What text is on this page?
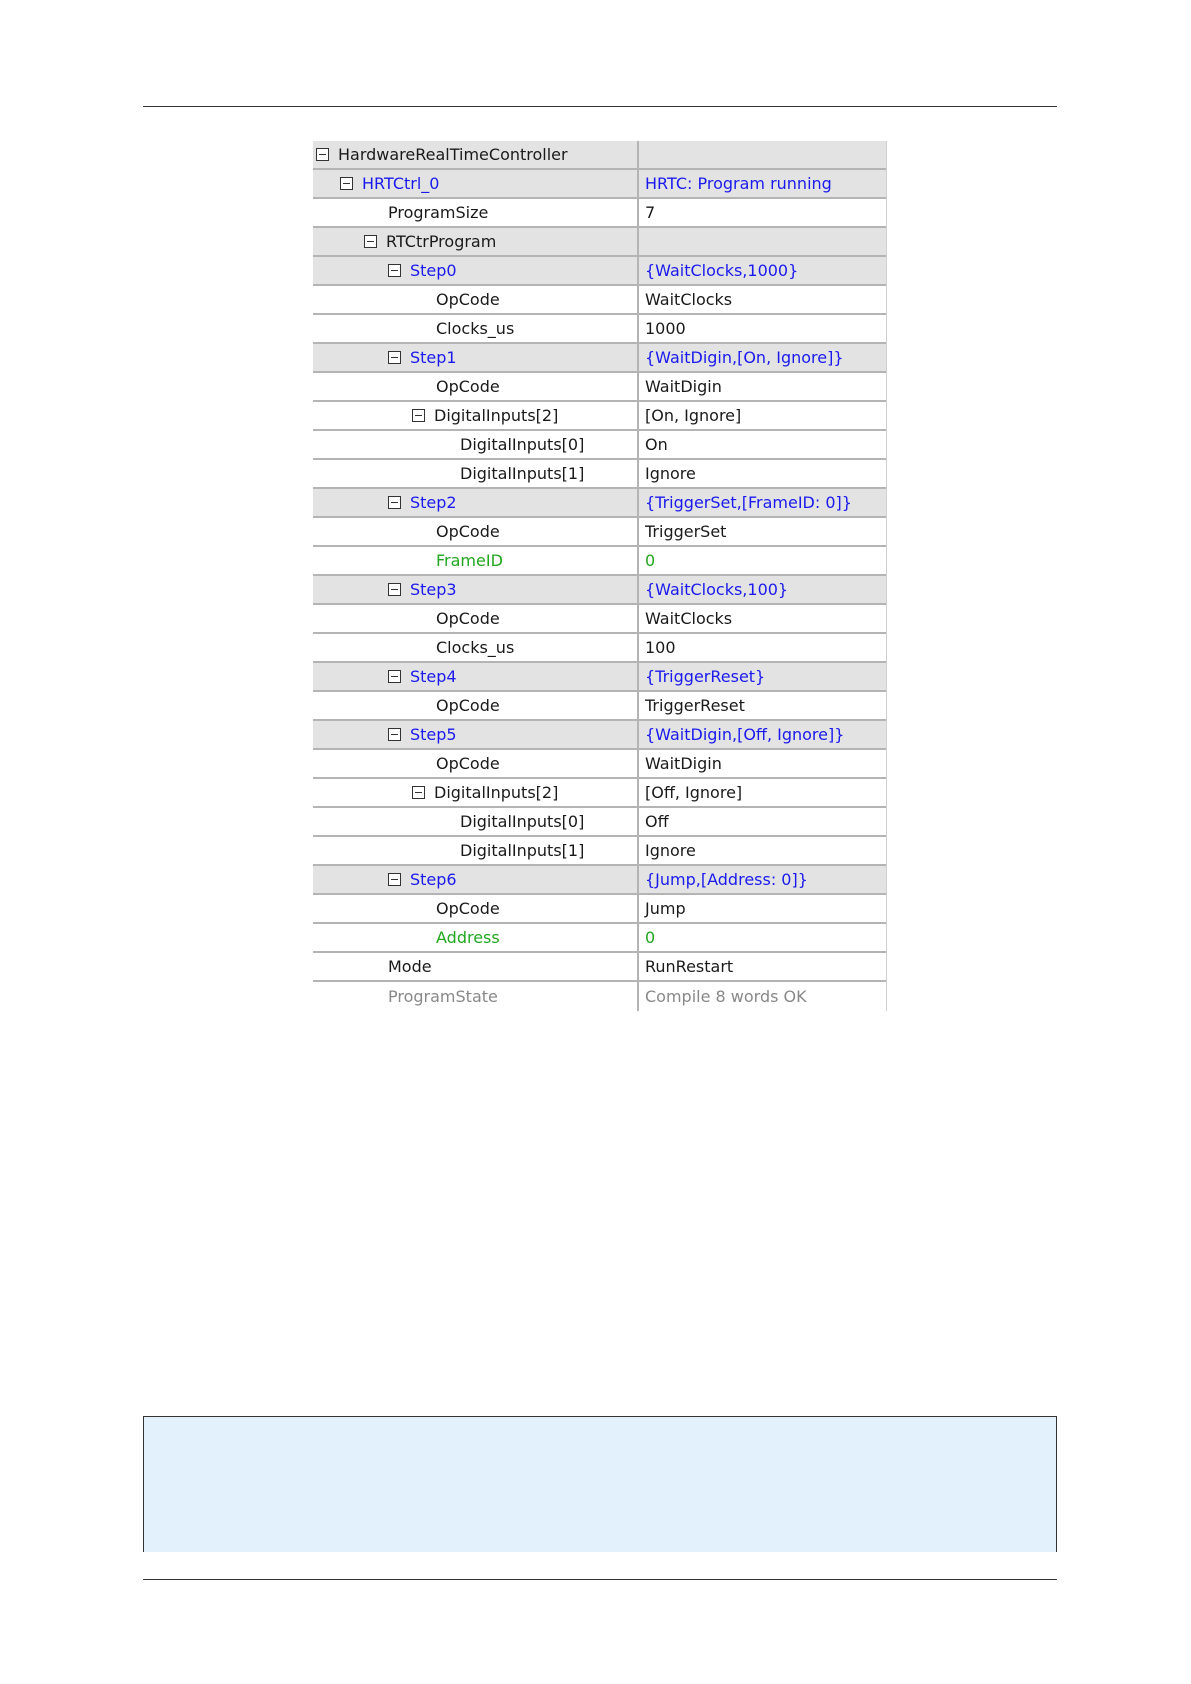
HardwareRealTimeController
HRTCtrl_0	HRTC: Program running
ProgramSize	7
RTCtrProgram
Step0	{WaitClocks,1000}
OpCode	WaitClocks
Clocks_us	1000
Step1	{WaitDigin,[On, Ignore]}
OpCode	WaitDigin
DigitalInputs[2]	[On, Ignore]
DigitalInputs[0]	On
DigitalInputs[1]	Ignore
Step2	{TriggerSet,[FrameID: 0]}
OpCode	TriggerSet
FrameID	0
Step3	{WaitClocks,100}
OpCode	WaitClocks
Clocks_us	100
Step4	{TriggerReset}
OpCode	TriggerReset
Step5	{WaitDigin,[Off, Ignore]}
OpCode	WaitDigin
DigitalInputs[2]	[Off, Ignore]
DigitalInputs[0]	Off
DigitalInputs[1]	Ignore
Step6	{Jump,[Address: 0]}
OpCode	Jump
Address	0
Mode	RunRestart
ProgramState	Compile 8 words OK
